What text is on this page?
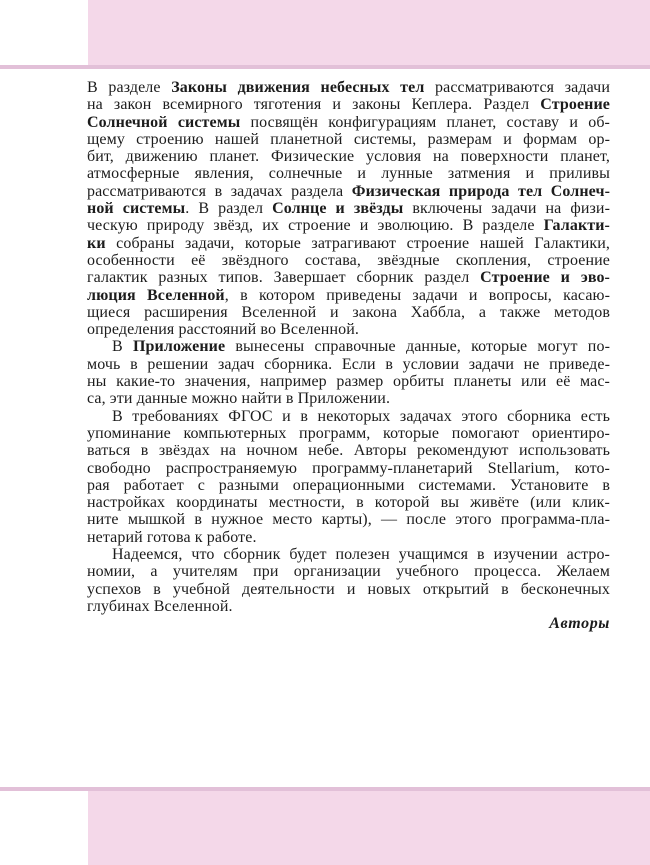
В разделе Законы движения небесных тел рассматриваются задачи
на закон всемирного тяготения и законы Кеплера. Раздел Строение
Солнечной системы посвящён конфигурациям планет, составу и об-
щему строению нашей планетной системы, размерам и формам ор-
бит, движению планет. Физические условия на поверхности планет,
атмосферные явления, солнечные и лунные затмения и приливы
рассматриваются в задачах раздела Физическая природа тел Солнеч-
ной системы. В раздел Солнце и звёзды включены задачи на физи-
ческую природу звёзд, их строение и эволюцию. В разделе Галакти-
ки собраны задачи, которые затрагивают строение нашей Галактики,
особенности её звёздного состава, звёздные скопления, строение
галактик разных типов. Завершает сборник раздел Строение и эво-
люция Вселенной, в котором приведены задачи и вопросы, касаю-
щиеся расширения Вселенной и закона Хаббла, а также методов
определения расстояний во Вселенной.
В Приложение вынесены справочные данные, которые могут по-
мочь в решении задач сборника. Если в условии задачи не приведе-
ны какие-то значения, например размер орбиты планеты или её мас-
са, эти данные можно найти в Приложении.
В требованиях ФГОС и в некоторых задачах этого сборника есть
упоминание компьютерных программ, которые помогают ориентиро-
ваться в звёздах на ночном небе. Авторы рекомендуют использовать
свободно распространяемую программу-планетарий Stellarium, кото-
рая работает с разными операционными системами. Установите в
настройках координаты местности, в которой вы живёте (или клик-
ните мышкой в нужное место карты), — после этого программа-пла-
нетарий готова к работе.
Надеемся, что сборник будет полезен учащимся в изучении астро-
номии, а учителям при организации учебного процесса. Желаем
успехов в учебной деятельности и новых открытий в бесконечных
глубинах Вселенной.
Авторы
